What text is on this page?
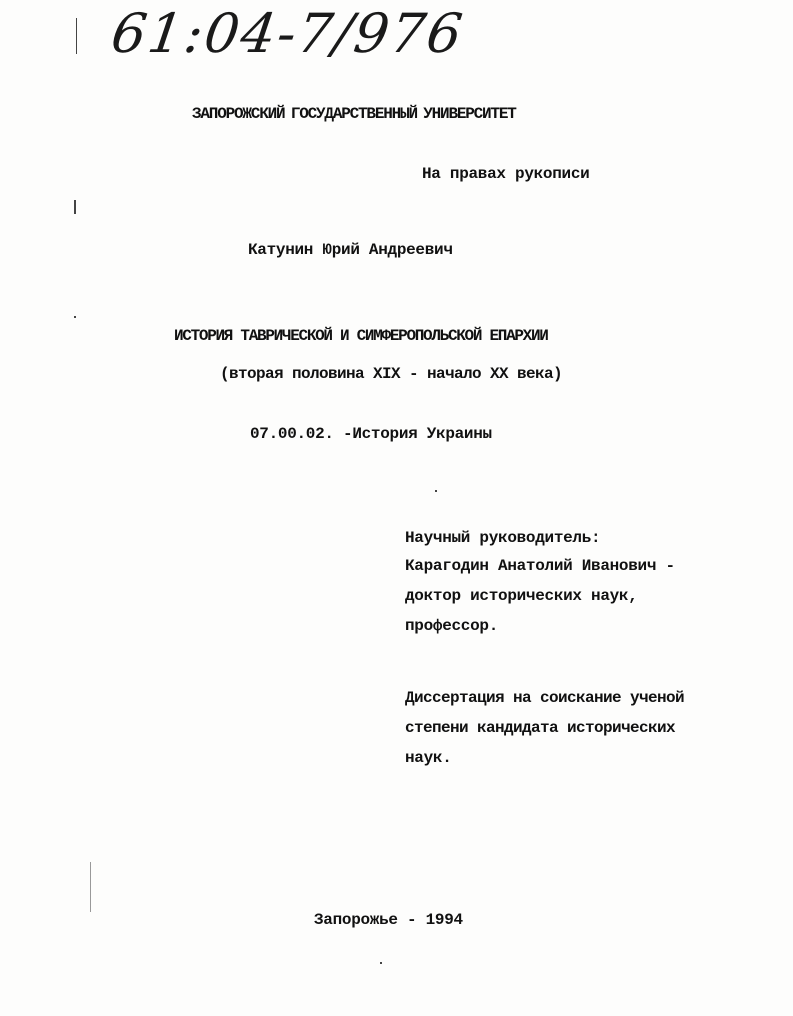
61:04-7/976
ЗАПОРОЖСКИЙ ГОСУДАРСТВЕННЫЙ УНИВЕРСИТЕТ
На правах рукописи
Катунин Юрий Андреевич
ИСТОРИЯ ТАВРИЧЕСКОЙ И СИМФЕРОПОЛЬСКОЙ ЕПАРХИИ
(вторая половина XIX - начало XX века)
07.00.02. -История Украины
Научный руководитель:
Карагодин Анатолий Иванович -
доктор исторических наук,
профессор.
Диссертация на соискание ученой
степени кандидата исторических
наук.
Запорожье - 1994
